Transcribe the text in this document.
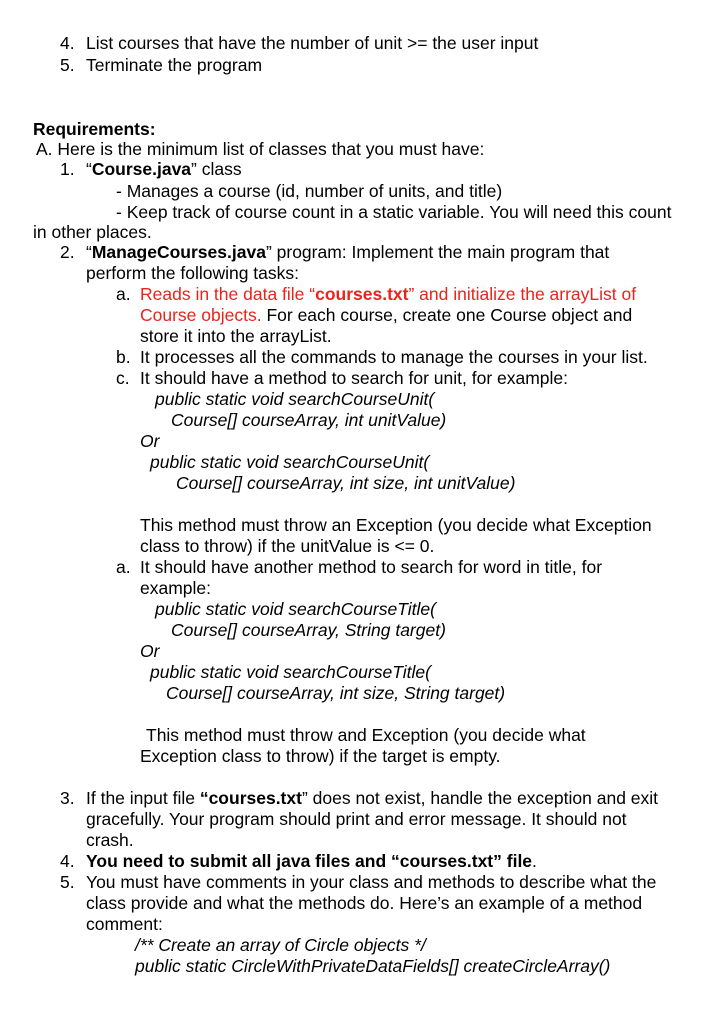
4. List courses that have the number of unit >= the user input
5. Terminate the program
Requirements:
A. Here is the minimum list of classes that you must have:
1. “Course.java” class
- Manages a course (id, number of units, and title)
- Keep track of course count in a static variable. You will need this count
in other places.
2. “ManageCourses.java” program: Implement the main program that
perform the following tasks:
a. Reads in the data file “courses.txt” and initialize the arrayList of
Course objects. For each course, create one Course object and
store it into the arrayList.
b. It processes all the commands to manage the courses in your list.
c. It should have a method to search for unit, for example:
public static void searchCourseUnit(
Course[] courseArray, int unitValue)
Or
public static void searchCourseUnit(
Course[] courseArray, int size, int unitValue)
This method must throw an Exception (you decide what Exception
class to throw) if the unitValue is <= 0.
a. It should have another method to search for word in title, for
example:
public static void searchCourseTitle(
Course[] courseArray, String target)
Or
public static void searchCourseTitle(
Course[] courseArray, int size, String target)
This method must throw and Exception (you decide what
Exception class to throw) if the target is empty.
3. If the input file “courses.txt” does not exist, handle the exception and exit
gracefully. Your program should print and error message. It should not
crash.
4. You need to submit all java files and “courses.txt” file.
5. You must have comments in your class and methods to describe what the
class provide and what the methods do. Here’s an example of a method
comment:
/** Create an array of Circle objects */
public static CircleWithPrivateDataFields[] createCircleArray()
